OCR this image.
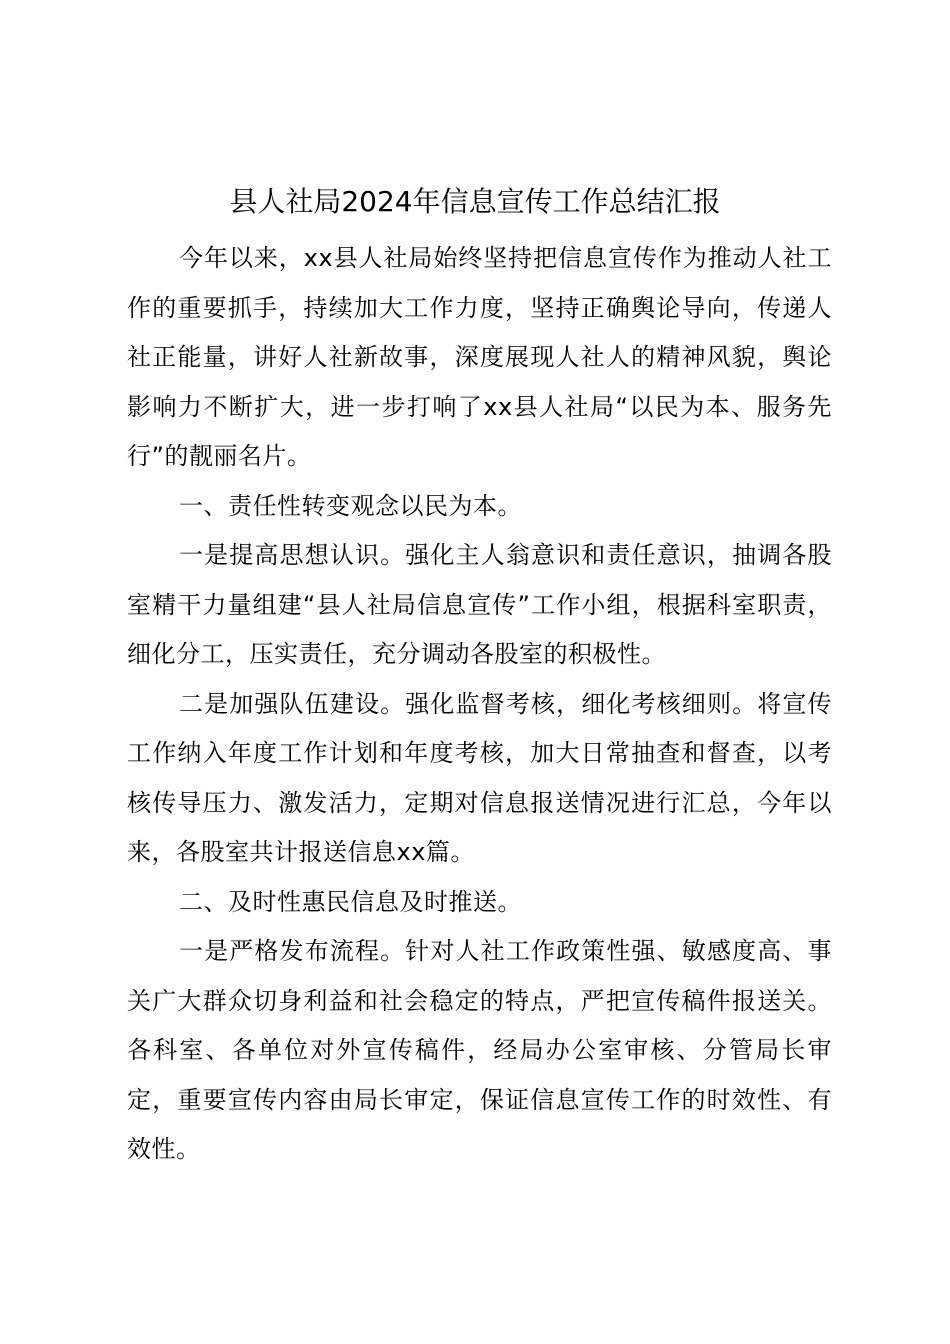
县人社局2024年信息宣传工作总结汇报

今年以来，xx县人社局始终坚持把信息宣传作为推动人社工作的重要抓手，持续加大工作力度，坚持正确舆论导向，传递人社正能量，讲好人社新故事，深度展现人社人的精神风貌，舆论影响力不断扩大，进一步打响了xx县人社局“以民为本、服务先行”的靓丽名片。

一、责任性转变观念以民为本。

一是提高思想认识。强化主人翁意识和责任意识，抽调各股室精干力量组建“县人社局信息宣传”工作小组，根据科室职责，细化分工，压实责任，充分调动各股室的积极性。

二是加强队伍建设。强化监督考核，细化考核细则。将宣传工作纳入年度工作计划和年度考核，加大日常抽查和督查，以考核传导压力、激发活力，定期对信息报送情况进行汇总，今年以来，各股室共计报送信息xx篇。

二、及时性惠民信息及时推送。

一是严格发布流程。针对人社工作政策性强、敏感度高、事关广大群众切身利益和社会稳定的特点，严把宣传稿件报送关。各科室、各单位对外宣传稿件，经局办公室审核、分管局长审定，重要宣传内容由局长审定，保证信息宣传工作的时效性、有效性。
